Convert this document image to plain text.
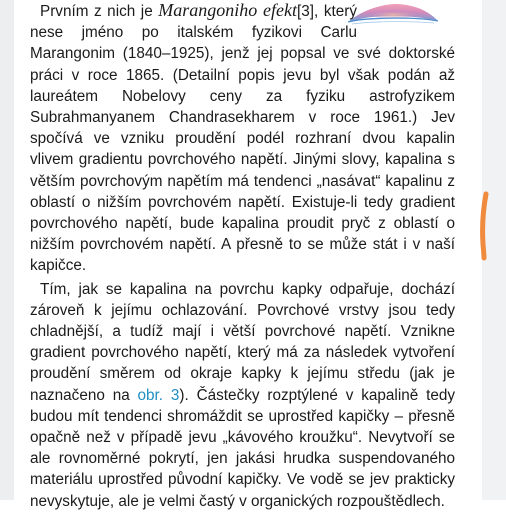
Prvním z nich je Marangoniho efekt[3], který nese jméno po italském fyzikovi Carlu Marangonim (1840–1925), jenž jej popsal ve své doktorské práci v roce 1865. (Detailní popis jevu byl však podán až laureátem Nobelovy ceny za fyziku astrofyzikem Subrahmanyanem Chandrasekharem v roce 1961.) Jev spočívá ve vzniku proudění podél rozhraní dvou kapalin vlivem gradientu povrchového napětí. Jinými slovy, kapalina s větším povrchovým napětím má tendenci „nasávat“ kapalinu z oblastí o nižším povrchovém napětí. Existuje-li tedy gradient povrchového napětí, bude kapalina proudit pryč z oblastí o nižším povrchovém napětí. A přesně to se může stát i v naší kapičce.

Tím, jak se kapalina na povrchu kapky odpařuje, dochází zároveň k jejímu ochlazování. Povrchové vrstvy jsou tedy chladnější, a tudíž mají i větší povrchové napětí. Vznikne gradient povrchového napětí, který má za následek vytvoření proudění směrem od okraje kapky k jejímu středu (jak je naznačeno na obr. 3). Částečky rozptýlené v kapalině tedy budou mít tendenci shromáždit se uprostřed kapičky – přesně opačně než v případě jevu „kávového kroužku“. Nevytvoří se ale rovnoměrné pokrytí, jen jakási hrudka suspendovaného materiálu uprostřed původní kapičky. Ve vodě se jev prakticky nevyskytuje, ale je velmi častý v organických rozpouštědlech.
